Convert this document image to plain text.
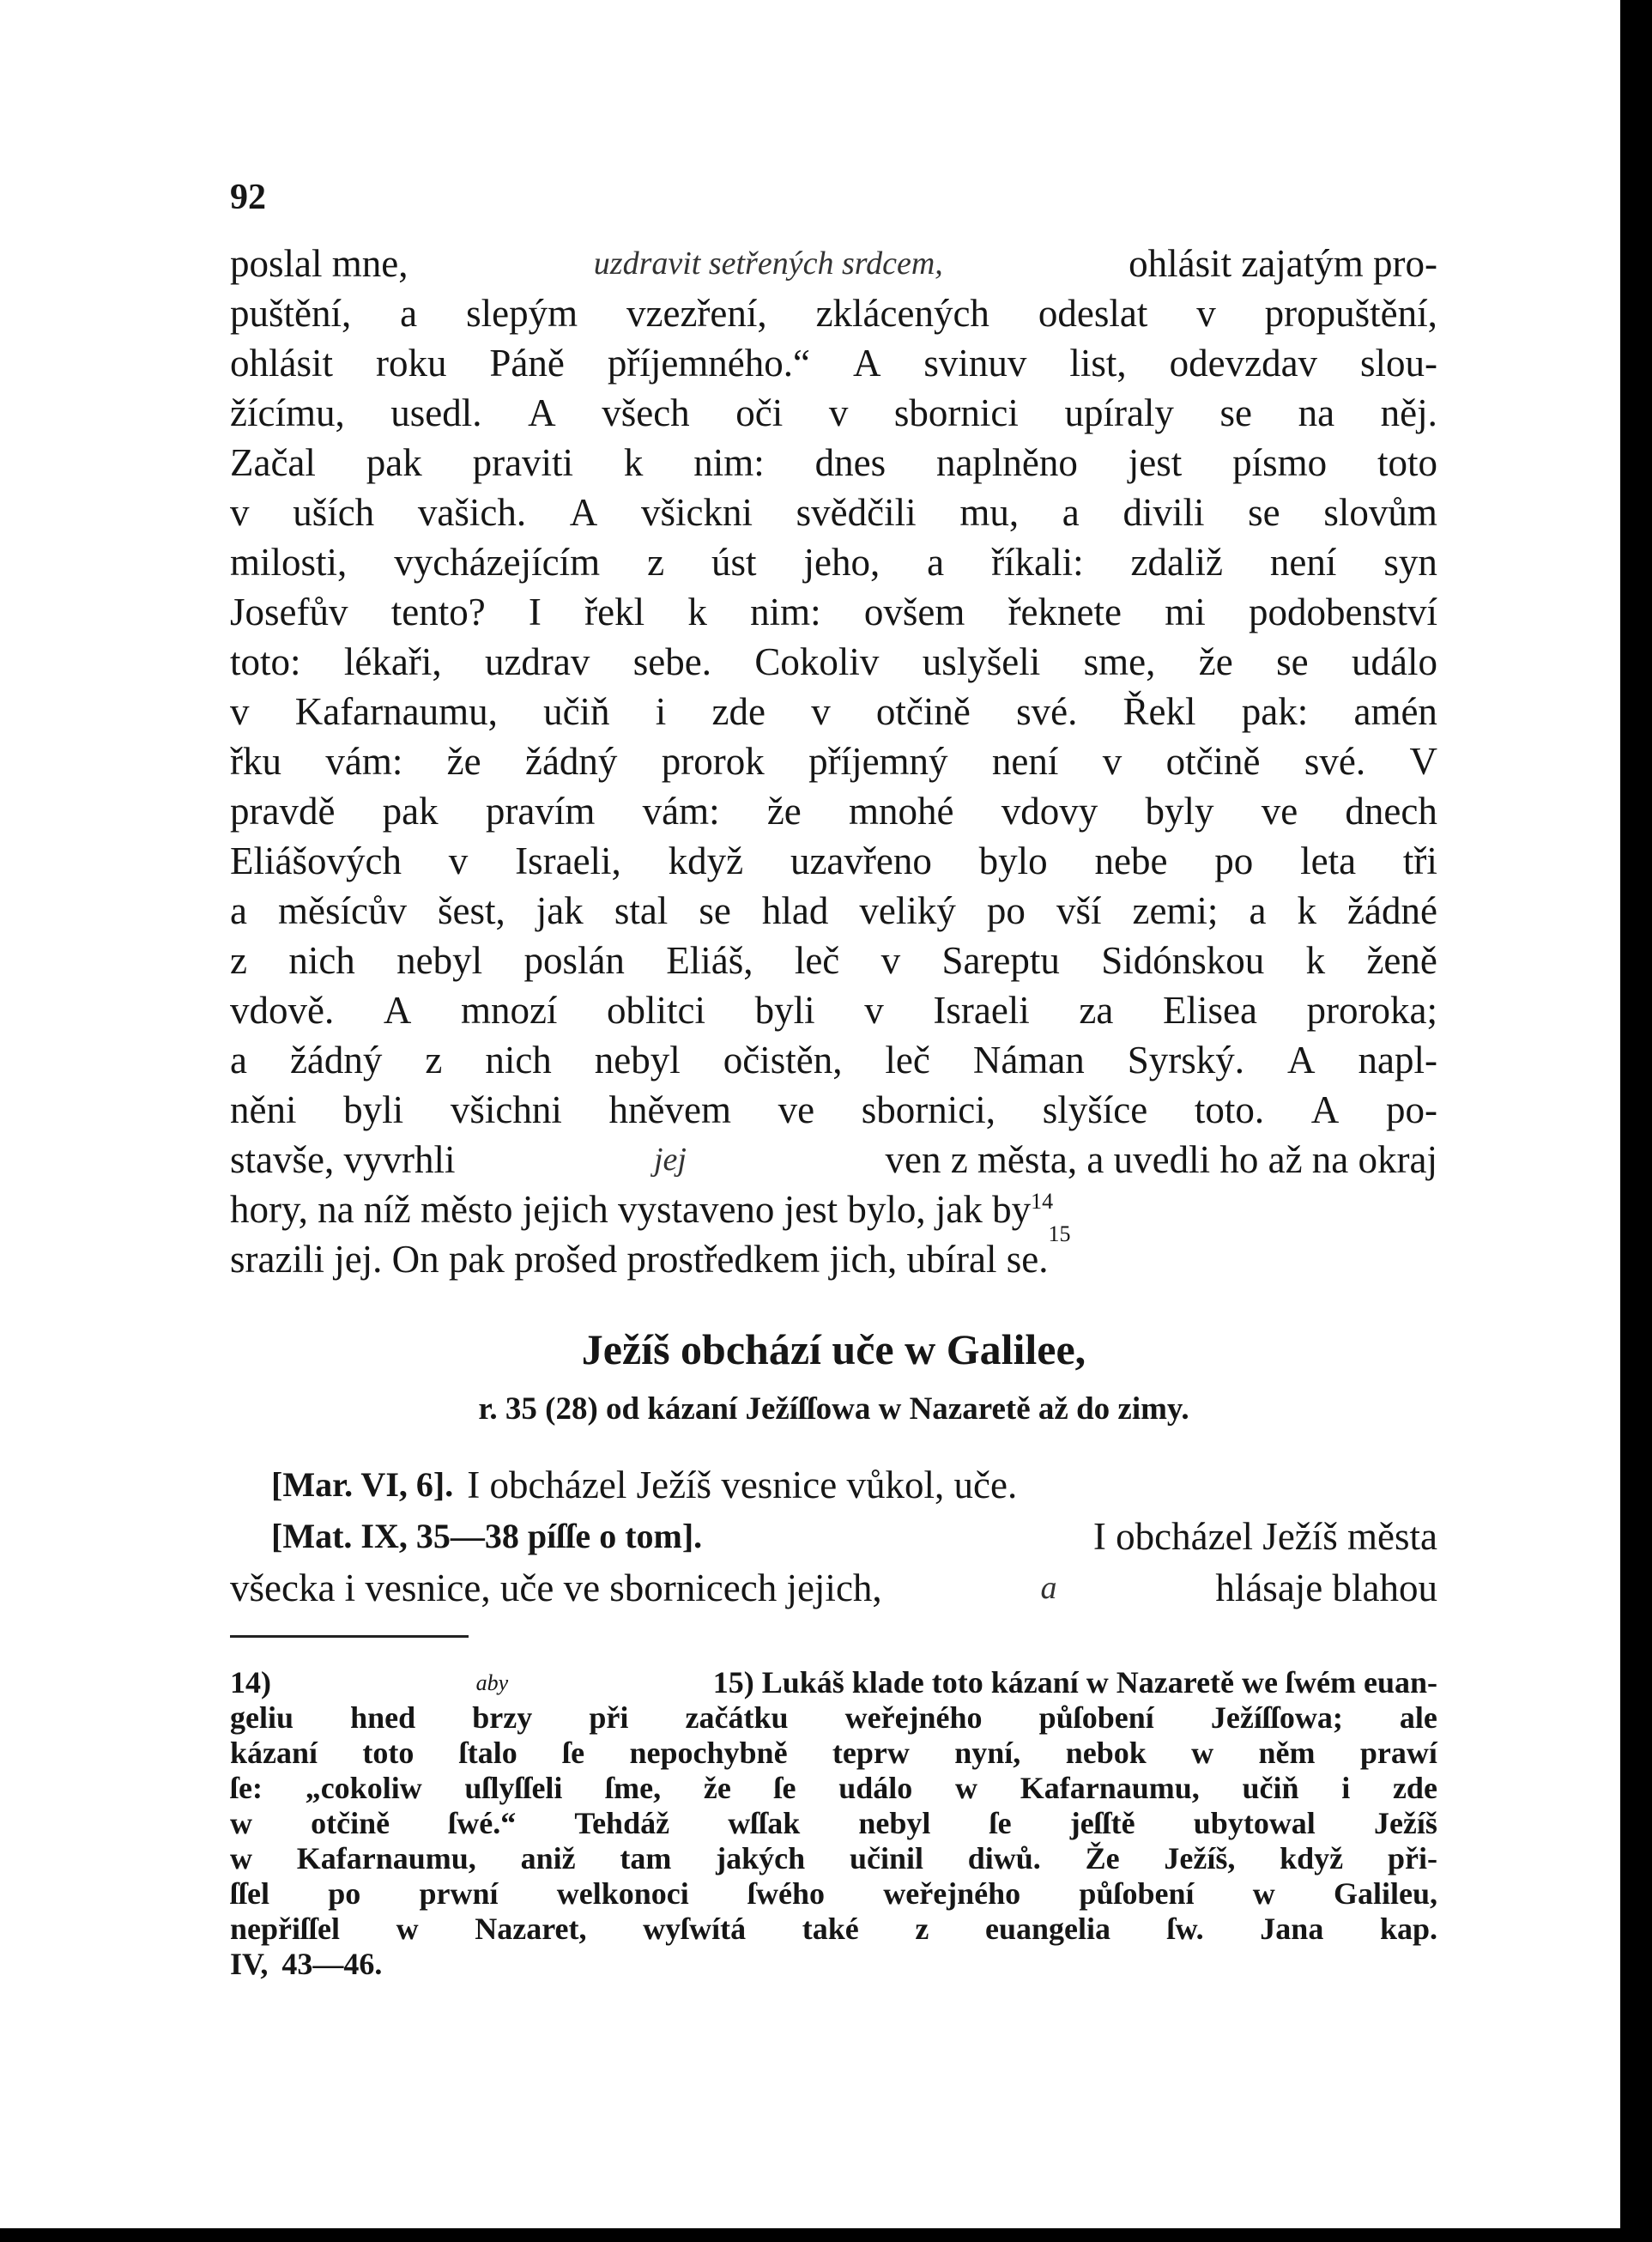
92
poslal mne,	uzdravit setřených srdcem,	ohlásit zajatým pro-
puštění, a slepým vzezření, zklácených odeslat v propuštění,
ohlásit roku Páně příjemného.“ A svinuv list, odevzdav slou-
žícímu, usedl. A všech oči v sbornici upíraly se na něj.
Začal pak praviti k nim: dnes naplněno jest písmo toto
v uších vašich. A všickni svědčili mu, a divili se slovům
milosti, vycházejícím z úst jeho, a říkali: zdaliž není syn
Josefův tento? I řekl k nim: ovšem řeknete mi podobenství
toto: lékaři, uzdrav sebe. Cokoliv uslyšeli sme, že se událo
v Kafarnaumu, učiň i zde v otčině své. Řekl pak: amén
řku vám: že žádný prorok příjemný není v otčině své. V
pravdě pak pravím vám: že mnohé vdovy byly ve dnech
Eliášových v Israeli, když uzavřeno bylo nebe po leta tři
a měsícův šest, jak stal se hlad veliký po vší zemi; a k žádné
z nich nebyl poslán Eliáš, leč v Sareptu Sidónskou k ženě
vdově. A mnozí oblitci byli v Israeli za Elisea proroka;
a žádný z nich nebyl očistěn, leč Náman Syrský. A napl-
něni byli všichni hněvem ve sbornici, slyšíce toto. A po-
stavše, vyvrhli	jej	ven z města, a uvedli ho až na okraj
hory, na níž město jejich vystaveno jest bylo, jak $by^{14}$
srazili jej. On pak prošed prostředkem jich, ubíral se.
15
Ježíš obchází uče w Galilee,
r. 35 (28) od kázaní Ježíſſowa w Nazaretě až do zimy.
[Mar. VI, 6]. I obcházel Ježíš vesnice vůkol, uče.
[Mat. IX, 35—38 píſſe o tom].	I obcházel Ježíš města
všecka i vesnice, uče ve sbornicech jejich,	a	hlásaje blahou
14)	aby	15) Lukáš klade toto kázaní w Nazaretě we ſwém euan-
geliu hned brzy při začátku weřejného půſobení Ježíſſowa; ale
kázaní toto ſtalo ſe nepochybně teprw nyní, nebok w něm prawí
ſe: „cokoliw uſlyſſeli ſme, že ſe událo w Kafarnaumu, učiň i zde
w otčině ſwé.“ Tehdáž wſſak nebyl ſe jeſſtě ubytowal Ježíš
w Kafarnaumu, aniž tam jakých učinil diwů. Že Ježíš, když při-
ſſel po prwní welkonoci ſwého weřejného půſobení w Galileu,
nepřiſſel w Nazaret, wyſwítá také z euangelia ſw. Jana kap.
IV, 43—46.
